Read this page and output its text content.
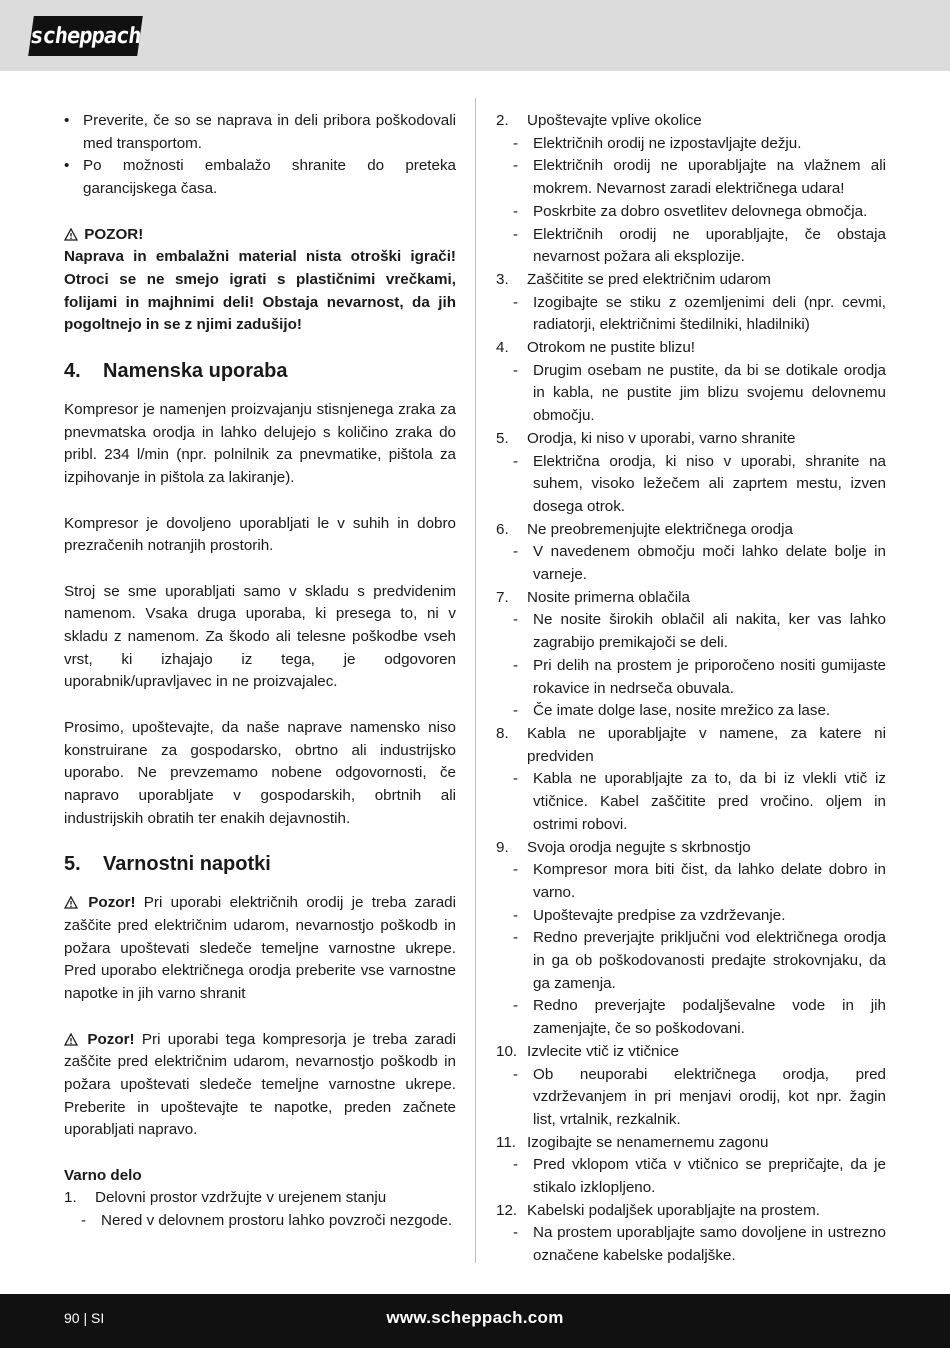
scheppach
• Preverite, če so se naprava in deli pribora poškodovali med transportom.
• Po možnosti embalažo shranite do preteka garancijskega časa.

POZOR!

Naprava in embalažni material nista otroški igrači! Otroci se ne smejo igrati s plastičnimi vrečkami, folijami in majhnimi deli! Obstaja nevarnost, da jih pogoltnejo in se z njimi zadušijo!

4.	Namenska uporaba

Kompresor je namenjen proizvajanju stisnjenega zraka za pnevmatska orodja in lahko delujejo s količino zraka do pribl. 234 l/min (npr. polnilnik za pnevmatike, pištola za izpihovanje in pištola za lakiranje).

Kompresor je dovoljeno uporabljati le v suhih in dobro prezračenih notranjih prostorih.

Stroj se sme uporabljati samo v skladu s predvidenim namenom. Vsaka druga uporaba, ki presega to, ni v skladu z namenom. Za škodo ali telesne poškodbe vseh vrst, ki izhajajo iz tega, je odgovoren uporabnik/upravljavec in ne proizvajalec.

Prosimo, upoštevajte, da naše naprave namensko niso konstruirane za gospodarsko, obrtno ali industrijsko uporabo. Ne prevzemamo nobene odgovornosti, če napravo uporabljate v gospodarskih, obrtnih ali industrijskih obratih ter enakih dejavnostih.

5.	Varnostni napotki

Pozor! Pri uporabi električnih orodij je treba zaradi zaščite pred električnim udarom, nevarnostjo poškodb in požara upoštevati sledeče temeljne varnostne ukrepe. Pred uporabo električnega orodja preberite vse varnostne napotke in jih varno shranit

Pozor! Pri uporabi tega kompresorja je treba zaradi zaščite pred električnim udarom, nevarnostjo poškodb in požara upoštevati sledeče temeljne varnostne ukrepe. Preberite in upoštevajte te napotke, preden začnete uporabljati napravo.

Varno delo

1. Delovni prostor vzdržujte v urejenem stanju
- Nered v delovnem prostoru lahko povzroči nezgode.
2. Upoštevajte vplive okolice
- Električnih orodij ne izpostavljajte dežju.
- Električnih orodij ne uporabljajte na vlažnem ali mokrem. Nevarnost zaradi električnega udara!
- Poskrbite za dobro osvetlitev delovnega območja.
- Električnih orodij ne uporabljajte, če obstaja nevarnost požara ali eksplozije.
3. Zaščitite se pred električnim udarom
- Izogibajte se stiku z ozemljenimi deli (npr. cevmi, radiatorji, električnimi štedilniki, hladilniki)
4. Otrokom ne pustite blizu!
- Drugim osebam ne pustite, da bi se dotikale orodja in kabla, ne pustite jim blizu svojemu delovnemu območju.
5. Orodja, ki niso v uporabi, varno shranite
- Električna orodja, ki niso v uporabi, shranite na suhem, visoko ležečem ali zaprtem mestu, izven dosega otrok.
6. Ne preobremenjujte električnega orodja
- V navedenem območju moči lahko delate bolje in varneje.
7. Nosite primerna oblačila
- Ne nosite širokih oblačil ali nakita, ker vas lahko zagrabijo premikajoči se deli.
- Pri delih na prostem je priporočeno nositi gumijaste rokavice in nedrseča obuvala.
- Če imate dolge lase, nosite mrežico za lase.
8. Kabla ne uporabljajte v namene, za katere ni predviden
- Kabla ne uporabljajte za to, da bi iz vlekli vtič iz vtičnice. Kabel zaščitite pred vročino. oljem in ostrimi robovi.
9. Svoja orodja negujte s skrbnostjo
- Kompresor mora biti čist, da lahko delate dobro in varno.
- Upoštevajte predpise za vzdrževanje.
- Redno preverjajte priključni vod električnega orodja in ga ob poškodovanosti predajte strokovnjaku, da ga zamenja.
- Redno preverjajte podaljševalne vode in jih zamenjajte, če so poškodovani.
10. Izvlecite vtič iz vtičnice
- Ob neuporabi električnega orodja, pred vzdrževanjem in pri menjavi orodij, kot npr. žagin list, vrtalnik, rezkalnik.
11. Izogibajte se nenamernemu zagonu
- Pred vklopom vtiča v vtičnico se prepričajte, da je stikalo izklopljeno.
12. Kabelski podaljšek uporabljajte na prostem.
- Na prostem uporabljajte samo dovoljene in ustrezno označene kabelske podaljške.
90 | SI	www.scheppach.com
